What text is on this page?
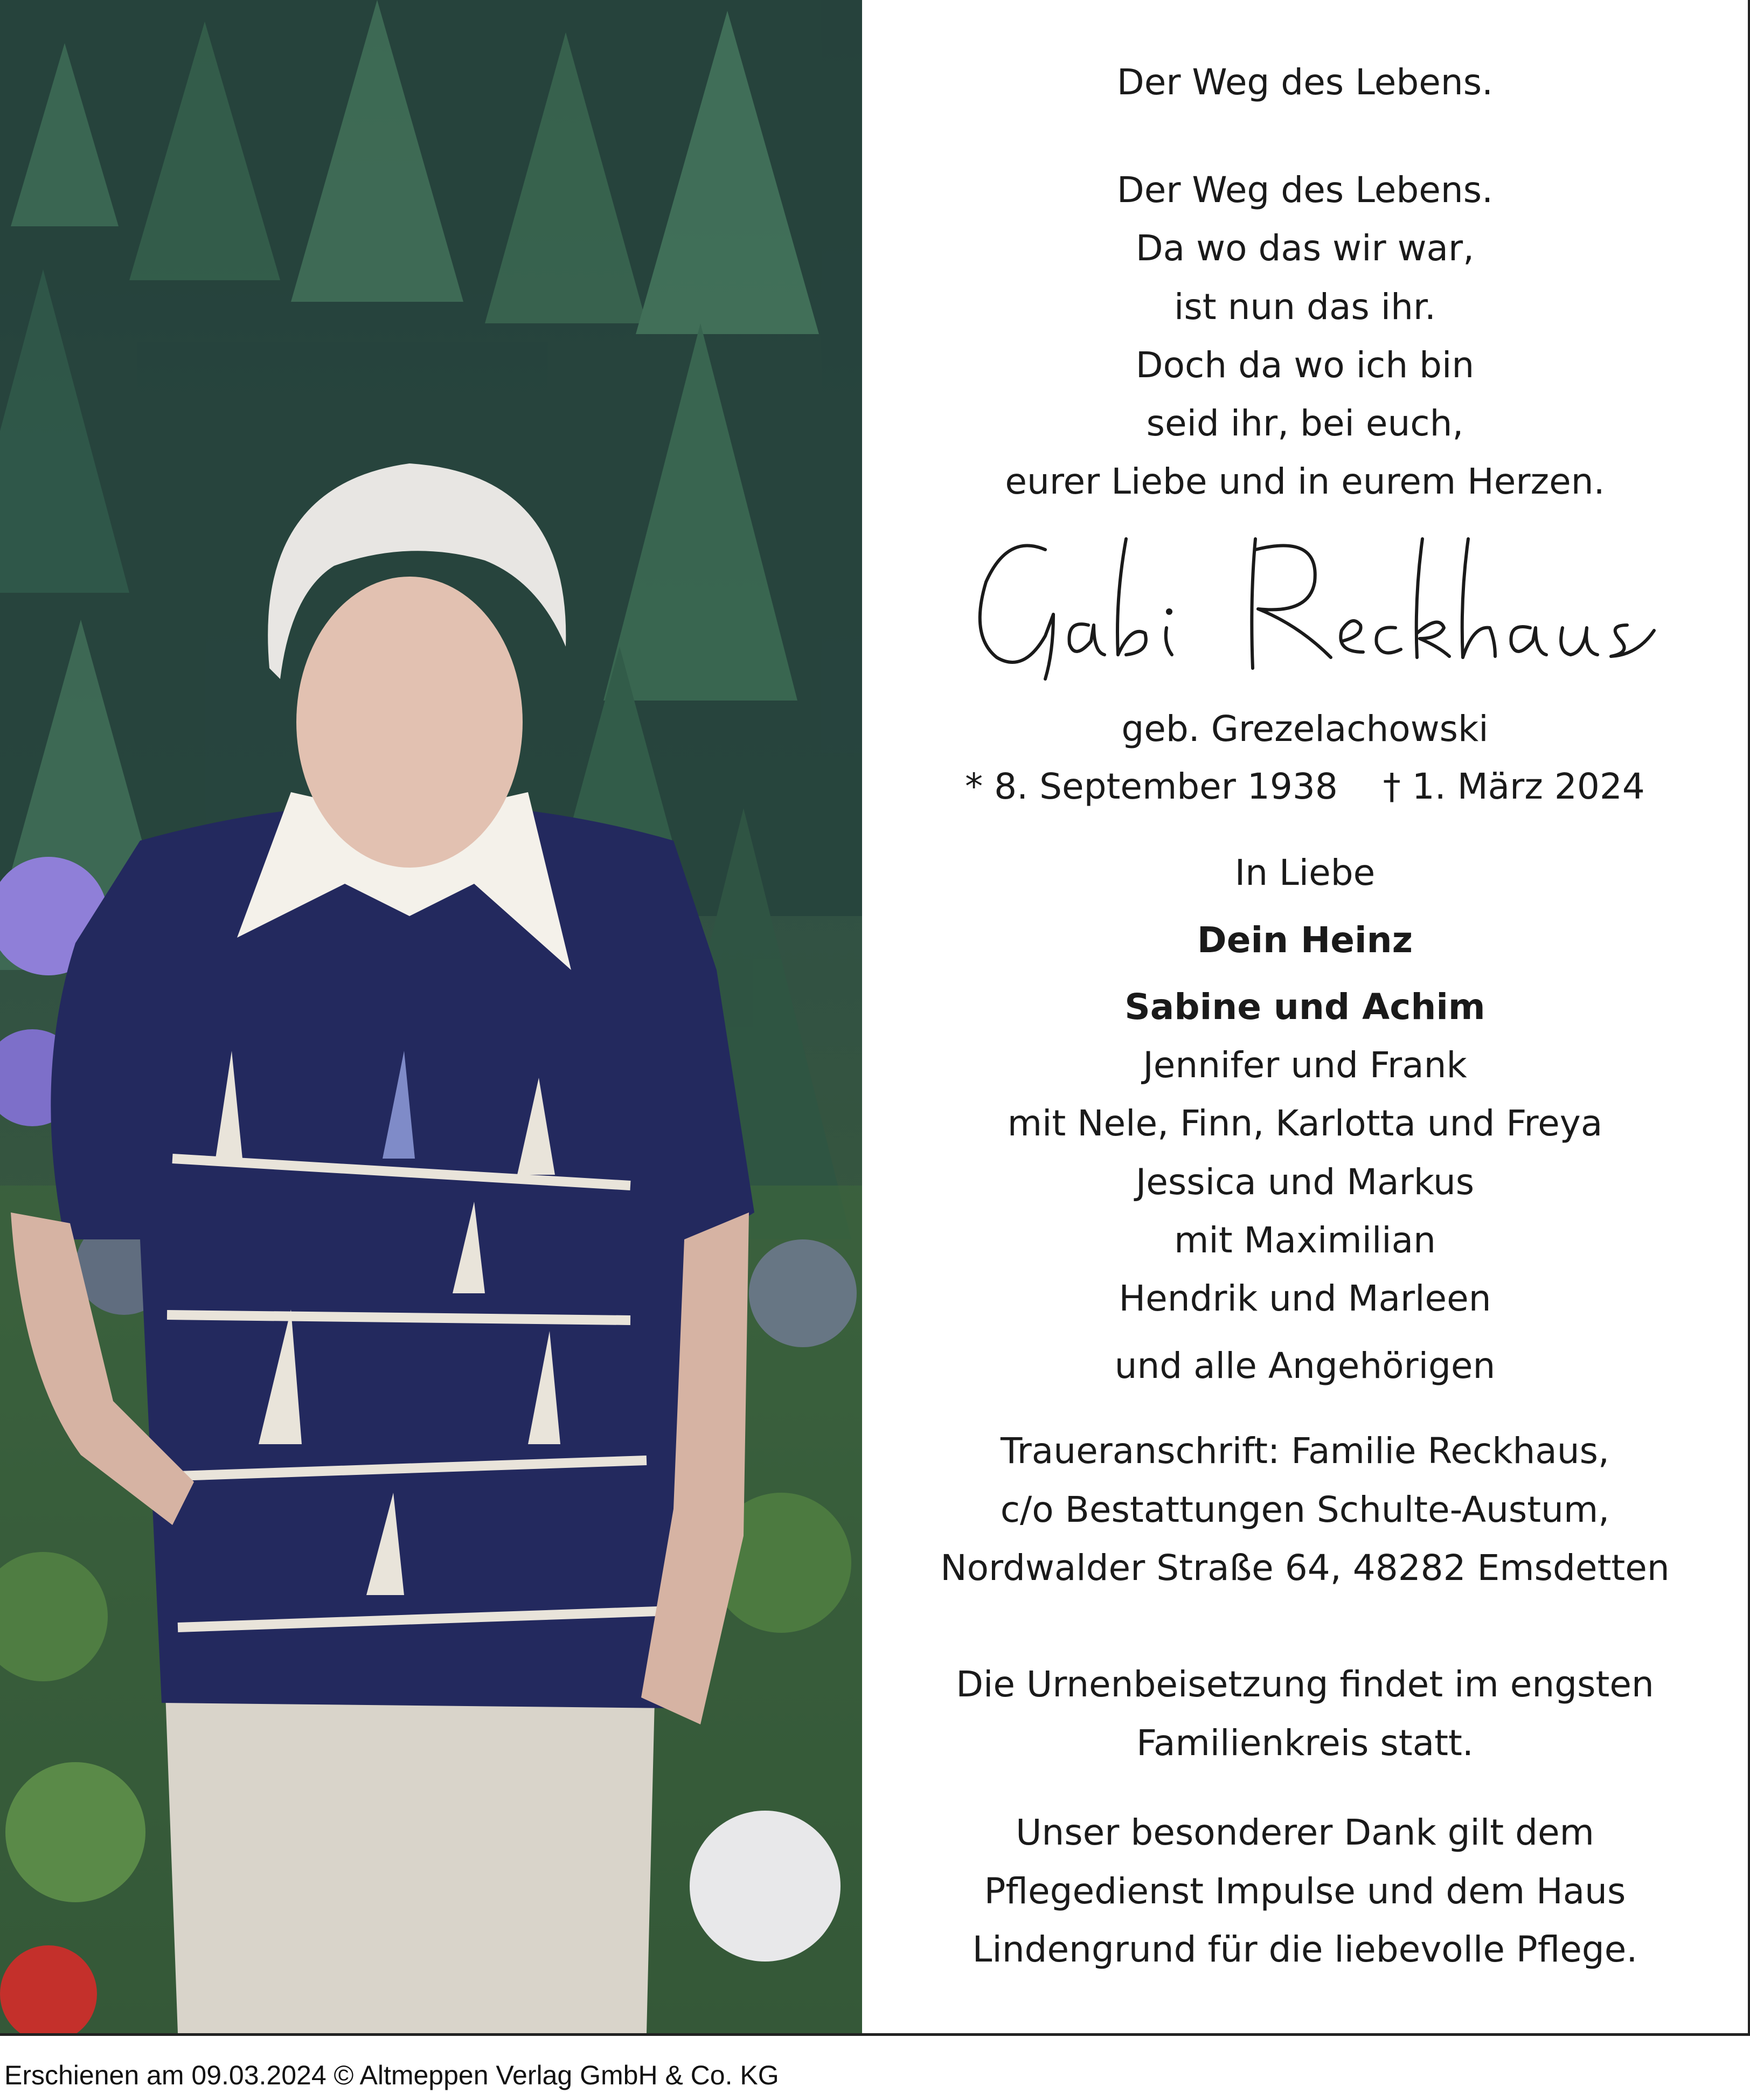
Der Weg des Lebens.
Der Weg des Lebens.
Da wo das wir war,
ist nun das ihr.
Doch da wo ich bin
seid ihr, bei euch,
eurer Liebe und in eurem Herzen.
geb. Grezelachowski
* 8. September 1938 † 1. März 2024
In Liebe
Dein Heinz
Sabine und Achim
Jennifer und Frank
mit Nele, Finn, Karlotta und Freya
Jessica und Markus
mit Maximilian
Hendrik und Marleen
und alle Angehörigen
Traueranschrift: Familie Reckhaus,
c/o Bestattungen Schulte-Austum,
Nordwalder Straße 64, 48282 Emsdetten
Die Urnenbeisetzung findet im engsten
Familienkreis statt.
Unser besonderer Dank gilt dem
Pflegedienst Impulse und dem Haus
Lindengrund für die liebevolle Pflege.
Erschienen am 09.03.2024 © Altmeppen Verlag GmbH & Co. KG
